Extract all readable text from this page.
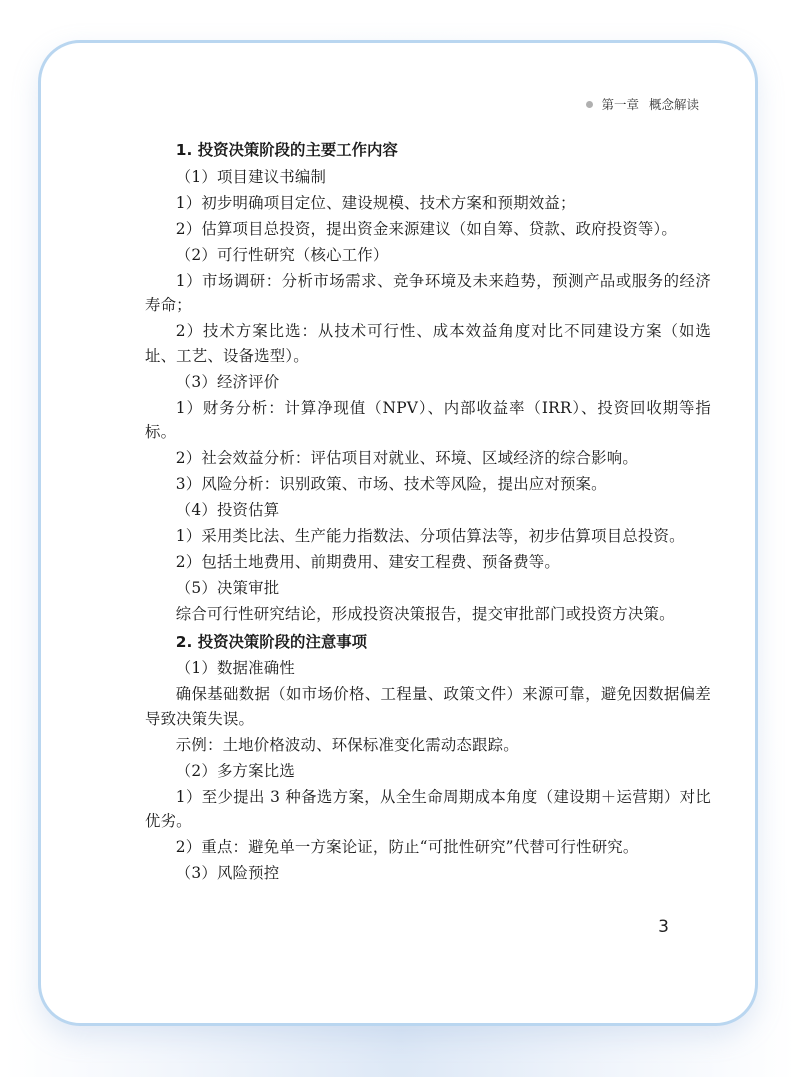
第一章 概念解读
1. 投资决策阶段的主要工作内容

（1）项目建议书编制

1）初步明确项目定位、建设规模、技术方案和预期效益；

2）估算项目总投资，提出资金来源建议（如自筹、贷款、政府投资等）。

（2）可行性研究（核心工作）

1）市场调研：分析市场需求、竞争环境及未来趋势，预测产品或服务的经济寿命；

2）技术方案比选：从技术可行性、成本效益角度对比不同建设方案（如选址、工艺、设备选型）。

（3）经济评价

1）财务分析：计算净现值（NPV）、内部收益率（IRR）、投资回收期等指标。

2）社会效益分析：评估项目对就业、环境、区域经济的综合影响。

3）风险分析：识别政策、市场、技术等风险，提出应对预案。

（4）投资估算

1）采用类比法、生产能力指数法、分项估算法等，初步估算项目总投资。

2）包括土地费用、前期费用、建安工程费、预备费等。

（5）决策审批

综合可行性研究结论，形成投资决策报告，提交审批部门或投资方决策。

2. 投资决策阶段的注意事项

（1）数据准确性

确保基础数据（如市场价格、工程量、政策文件）来源可靠，避免因数据偏差导致决策失误。

示例：土地价格波动、环保标准变化需动态跟踪。

（2）多方案比选

1）至少提出 3 种备选方案，从全生命周期成本角度（建设期＋运营期）对比优劣。

2）重点：避免单一方案论证，防止“可批性研究”代替可行性研究。

（3）风险预控

3
